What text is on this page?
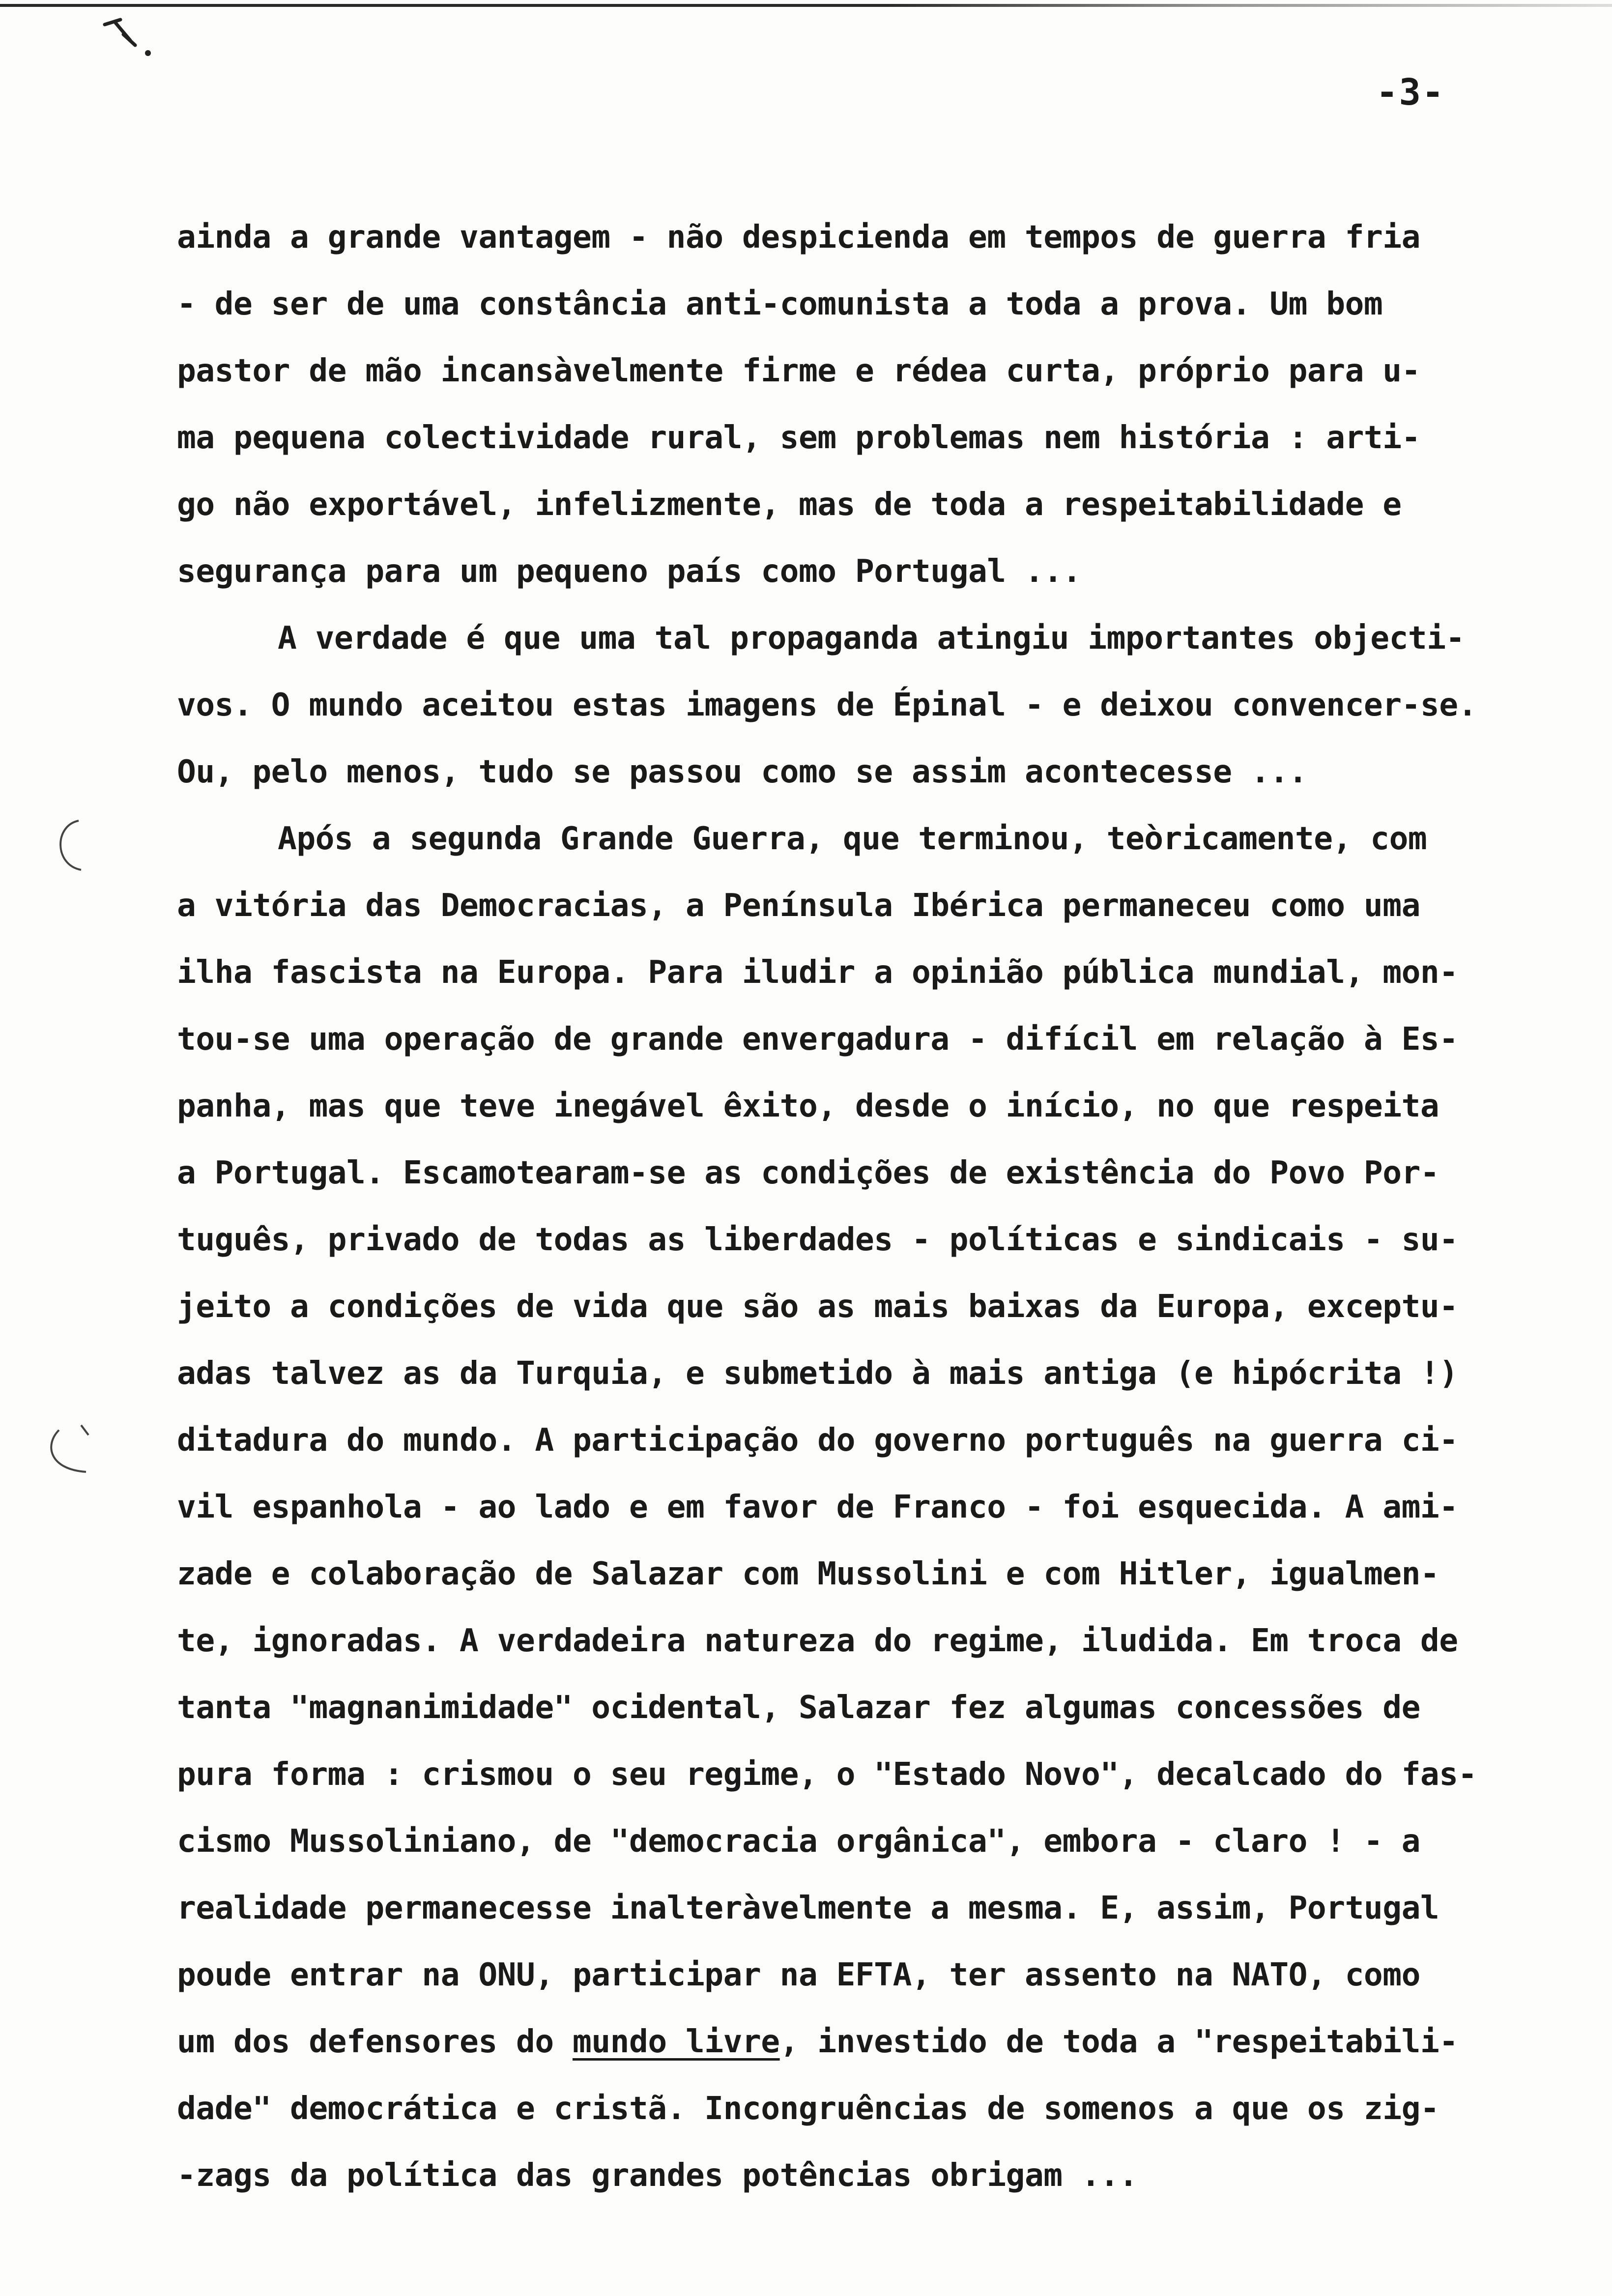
-3-
ainda a grande vantagem - não despicienda em tempos de guerra fria
- de ser de uma constância anti-comunista a toda a prova. Um bom
pastor de mão incansàvelmente firme e rédea curta, próprio para u-
ma pequena colectividade rural, sem problemas nem história : arti-
go não exportável, infelizmente, mas de toda a respeitabilidade e
segurança para um pequeno país como Portugal ...
A verdade é que uma tal propaganda atingiu importantes objecti-
vos. O mundo aceitou estas imagens de Épinal - e deixou convencer-se.
Ou, pelo menos, tudo se passou como se assim acontecesse ...
Após a segunda Grande Guerra, que terminou, teòricamente, com
a vitória das Democracias, a Península Ibérica permaneceu como uma
ilha fascista na Europa. Para iludir a opinião pública mundial, mon-
tou-se uma operação de grande envergadura - difícil em relação à Es-
panha, mas que teve inegável êxito, desde o início, no que respeita
a Portugal. Escamotearam-se as condições de existência do Povo Por-
tuguês, privado de todas as liberdades - políticas e sindicais - su-
jeito a condições de vida que são as mais baixas da Europa, exceptu-
adas talvez as da Turquia, e submetido à mais antiga (e hipócrita !)
ditadura do mundo. A participação do governo português na guerra ci-
vil espanhola - ao lado e em favor de Franco - foi esquecida. A ami-
zade e colaboração de Salazar com Mussolini e com Hitler, igualmen-
te, ignoradas. A verdadeira natureza do regime, iludida. Em troca de
tanta "magnanimidade" ocidental, Salazar fez algumas concessões de
pura forma : crismou o seu regime, o "Estado Novo", decalcado do fas-
cismo Mussoliniano, de "democracia orgânica", embora - claro ! - a
realidade permanecesse inalteràvelmente a mesma. E, assim, Portugal
poude entrar na ONU, participar na EFTA, ter assento na NATO, como
um dos defensores do mundo livre, investido de toda a "respeitabili-
dade" democrática e cristã. Incongruências de somenos a que os zig-
-zags da política das grandes potências obrigam ...
